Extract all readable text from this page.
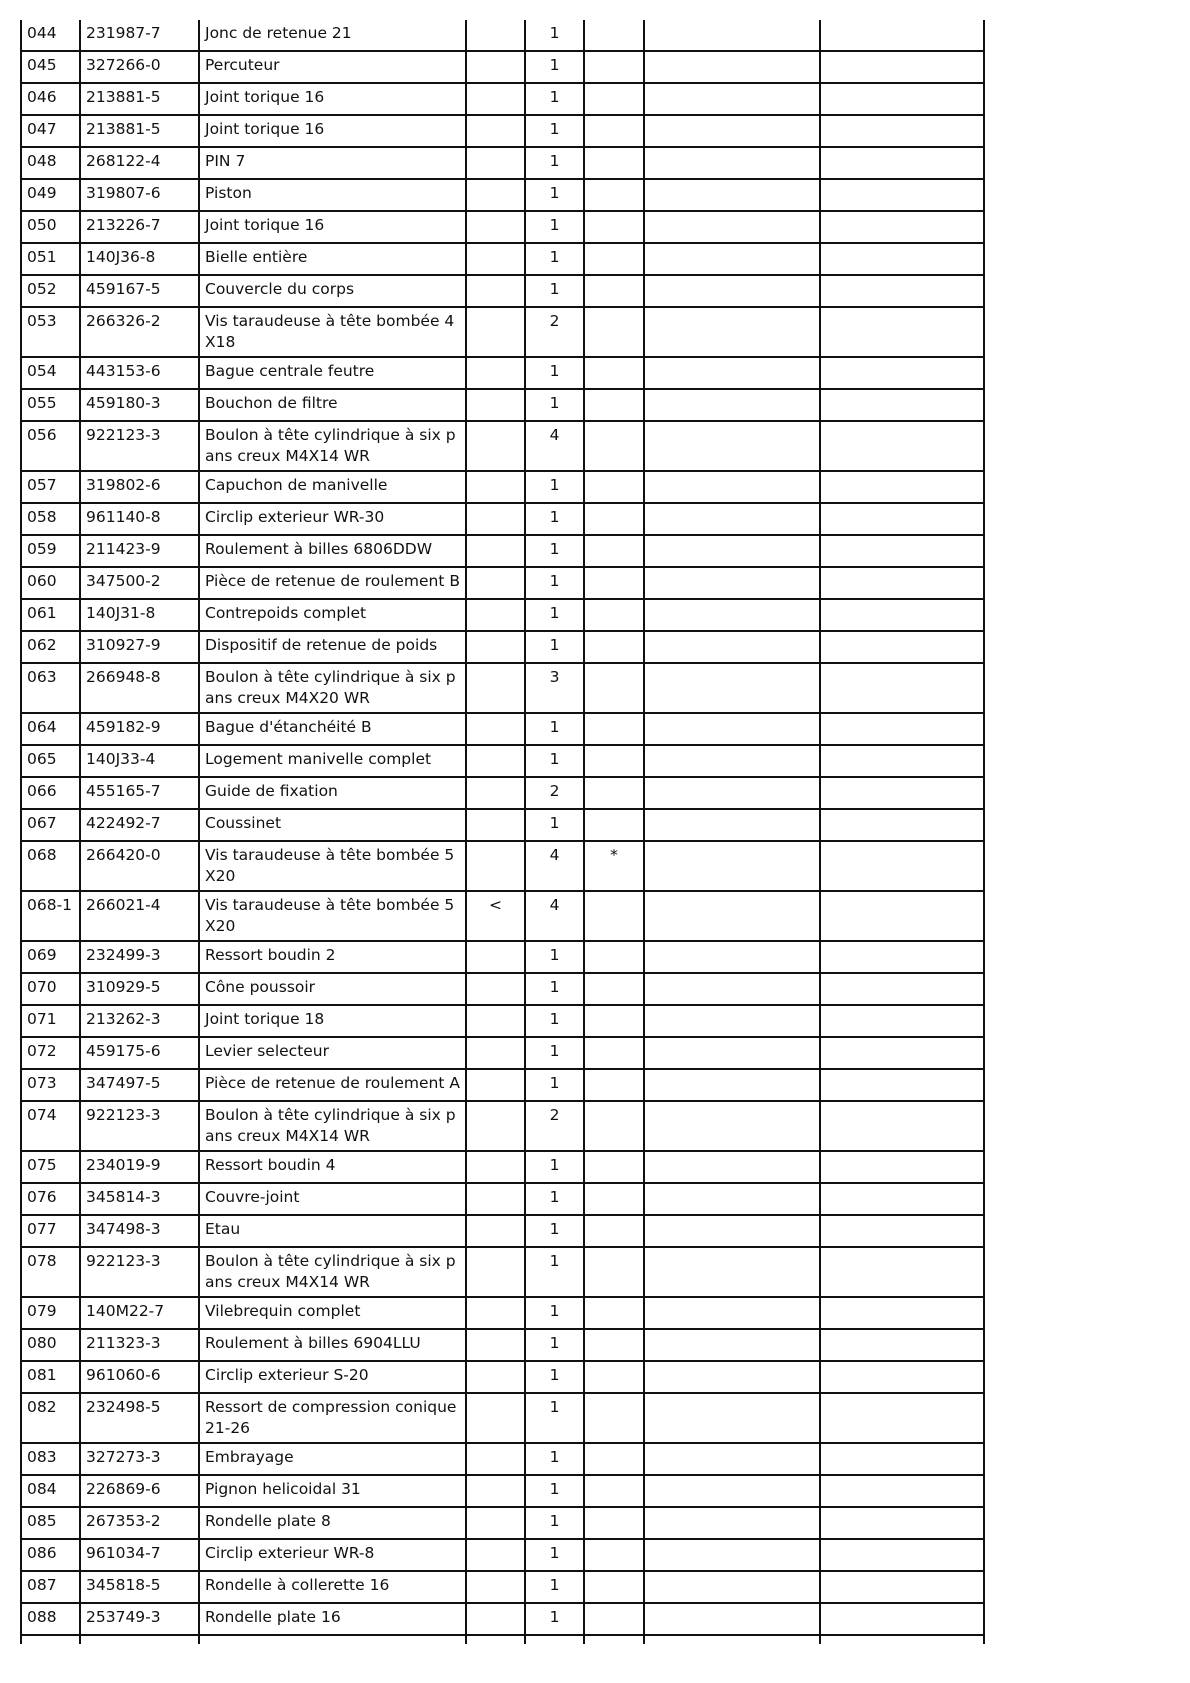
044	231987-7	Jonc de retenue 21		1			
045	327266-0	Percuteur		1			
046	213881-5	Joint torique 16		1			
047	213881-5	Joint torique 16		1			
048	268122-4	PIN 7		1			
049	319807-6	Piston		1			
050	213226-7	Joint torique 16		1			
051	140J36-8	Bielle entière		1			
052	459167-5	Couvercle du corps		1			
053	266326-2	Vis taraudeuse à tête bombée 4X18		2			
054	443153-6	Bague centrale feutre		1			
055	459180-3	Bouchon de filtre		1			
056	922123-3	Boulon à tête cylindrique à six pans creux M4X14 WR		4			
057	319802-6	Capuchon de manivelle		1			
058	961140-8	Circlip exterieur WR-30		1			
059	211423-9	Roulement à billes 6806DDW		1			
060	347500-2	Pièce de retenue de roulement B		1			
061	140J31-8	Contrepoids complet		1			
062	310927-9	Dispositif de retenue de poids		1			
063	266948-8	Boulon à tête cylindrique à six pans creux M4X20 WR		3			
064	459182-9	Bague d'étanchéité B		1			
065	140J33-4	Logement manivelle complet		1			
066	455165-7	Guide de fixation		2			
067	422492-7	Coussinet		1			
068	266420-0	Vis taraudeuse à tête bombée 5X20		4	*		
068-1	266021-4	Vis taraudeuse à tête bombée 5X20	<	4			
069	232499-3	Ressort boudin 2		1			
070	310929-5	Cône poussoir		1			
071	213262-3	Joint torique 18		1			
072	459175-6	Levier selecteur		1			
073	347497-5	Pièce de retenue de roulement A		1			
074	922123-3	Boulon à tête cylindrique à six pans creux M4X14 WR		2			
075	234019-9	Ressort boudin 4		1			
076	345814-3	Couvre-joint		1			
077	347498-3	Etau		1			
078	922123-3	Boulon à tête cylindrique à six pans creux M4X14 WR		1			
079	140M22-7	Vilebrequin complet		1			
080	211323-3	Roulement à billes 6904LLU		1			
081	961060-6	Circlip exterieur S-20		1			
082	232498-5	Ressort de compression conique 21-26		1			
083	327273-3	Embrayage		1			
084	226869-6	Pignon helicoidal 31		1			
085	267353-2	Rondelle plate 8		1			
086	961034-7	Circlip exterieur WR-8		1			
087	345818-5	Rondelle à collerette 16		1			
088	253749-3	Rondelle plate 16		1			
